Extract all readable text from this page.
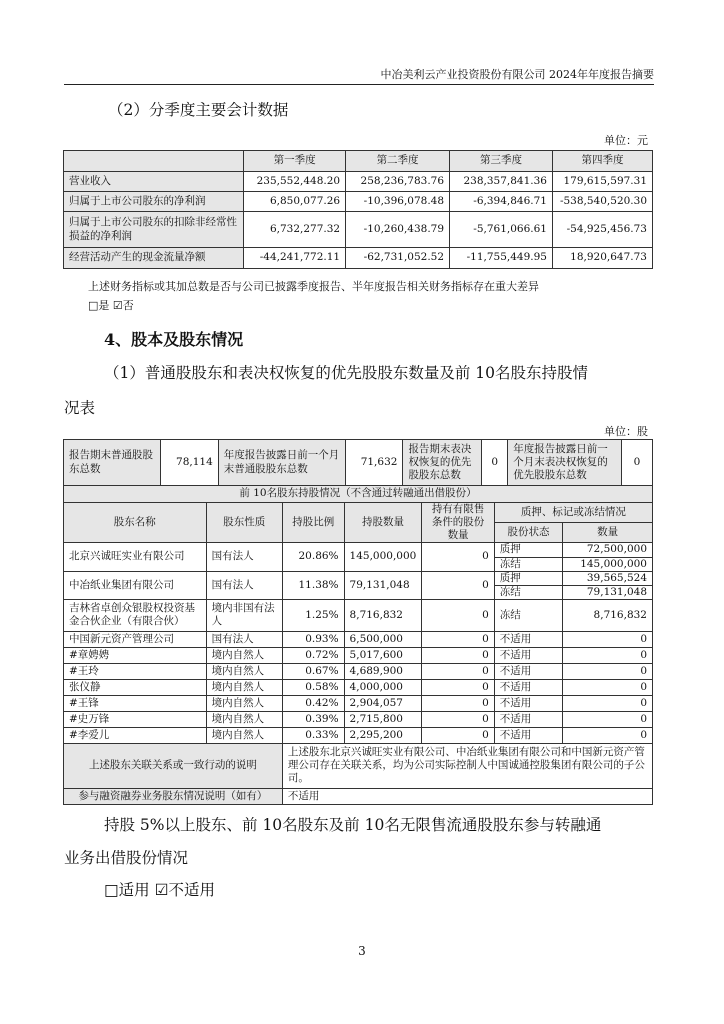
中冶美利云产业投资股份有限公司 2024年年度报告摘要
（2）分季度主要会计数据
单位：元
	第一季度	第二季度	第三季度	第四季度
营业收入	235,552,448.20	258,236,783.76	238,357,841.36	179,615,597.31
归属于上市公司股东的净利润	6,850,077.26	-10,396,078.48	-6,394,846.71	-538,540,520.30
归属于上市公司股东的扣除非经常性损益的净利润	6,732,277.32	-10,260,438.79	-5,761,066.61	-54,925,456.73
经营活动产生的现金流量净额	-44,241,772.11	-62,731,052.52	-11,755,449.95	18,920,647.73
上述财务指标或其加总数是否与公司已披露季度报告、半年度报告相关财务指标存在重大差异
□是 ☑否
4、股本及股东情况
（1）普通股股东和表决权恢复的优先股股东数量及前 10名股东持股情
况表
单位：股
报告期末普通股股东总数	78,114	年度报告披露日前一个月末普通股股东总数	71,632	报告期末表决权恢复的优先股股东总数	0	年度报告披露日前一个月末表决权恢复的优先股股东总数	0
前 10名股东持股情况（不含通过转融通出借股份）						
股东名称	股东性质	持股比例	持股数量	持有有限售条件的股份数量	质押、标记或冻结情况	
					股份状态	数量
北京兴诚旺实业有限公司	国有法人	20.86%	145,000,000	0	质押	72,500,000
					冻结	145,000,000
中冶纸业集团有限公司	国有法人	11.38%	79,131,048	0	质押	39,565,524
					冻结	79,131,048
吉林省卓创众银股权投资基金合伙企业（有限合伙）	境内非国有法人	1.25%	8,716,832	0	冻结	8,716,832
中国新元资产管理公司	国有法人	0.93%	6,500,000	0	不适用	0
#章娉娉	境内自然人	0.72%	5,017,600	0	不适用	0
#王玲	境内自然人	0.67%	4,689,900	0	不适用	0
张仪静	境内自然人	0.58%	4,000,000	0	不适用	0
#王锋	境内自然人	0.42%	2,904,057	0	不适用	0
#史万锋	境内自然人	0.39%	2,715,800	0	不适用	0
#李爱儿	境内自然人	0.33%	2,295,200	0	不适用	0
上述股东关联关系或一致行动的说明		上述股东北京兴诚旺实业有限公司、中冶纸业集团有限公司和中国新元资产管理公司存在关联关系，均为公司实际控制人中国诚通控股集团有限公司的子公司。				
参与融资融券业务股东情况说明（如有）		不适用				
持股 5%以上股东、前 10名股东及前 10名无限售流通股股东参与转融通
业务出借股份情况
□适用 ☑不适用
3
